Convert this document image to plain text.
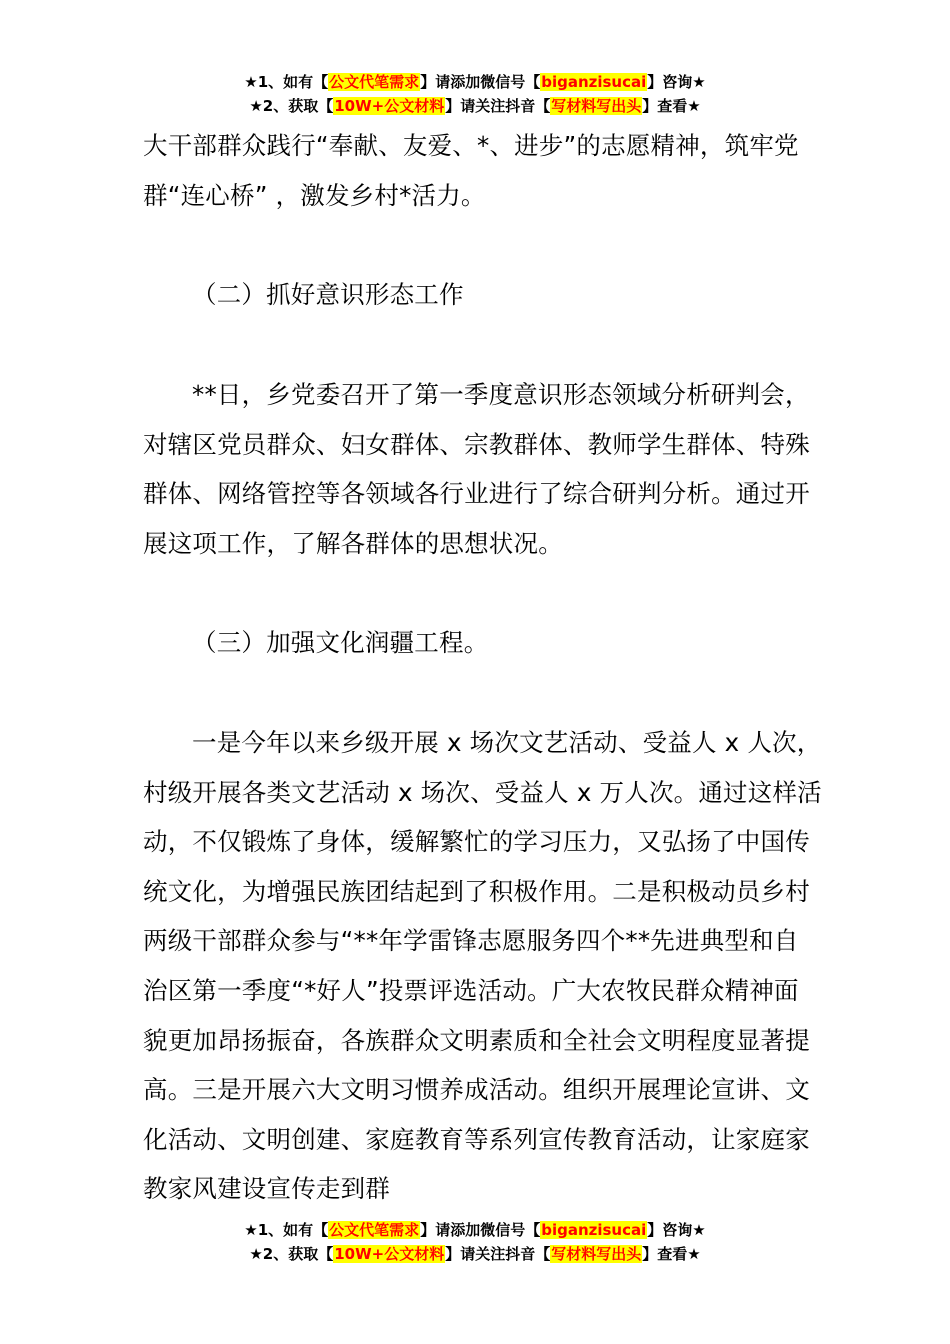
★1、如有【公文代笔需求】请添加微信号【biganzisucai】咨询★
★2、获取【10W+公文材料】请关注抖音【写材料写出头】查看★

大干部群众践行“奉献、友爱、*、进步”的志愿精神，筑牢党群“连心桥” ，激发乡村*活力。

（二）抓好意识形态工作

**日，乡党委召开了第一季度意识形态领域分析研判会，对辖区党员群众、妇女群体、宗教群体、教师学生群体、特殊群体、网络管控等各领域各行业进行了综合研判分析。通过开展这项工作，了解各群体的思想状况。

（三）加强文化润疆工程。

一是今年以来乡级开展 x 场次文艺活动、受益人 x 人次，村级开展各类文艺活动 x 场次、受益人 x 万人次。通过这样活动，不仅锻炼了身体，缓解繁忙的学习压力，又弘扬了中国传统文化，为增强民族团结起到了积极作用。二是积极动员乡村两级干部群众参与“**年学雷锋志愿服务四个**先进典型和自治区第一季度“*好人”投票评选活动。广大农牧民群众精神面貌更加昂扬振奋，各族群众文明素质和全社会文明程度显著提高。三是开展六大文明习惯养成活动。组织开展理论宣讲、文化活动、文明创建、家庭教育等系列宣传教育活动，让家庭家教家风建设宣传走到群

★1、如有【公文代笔需求】请添加微信号【biganzisucai】咨询★
★2、获取【10W+公文材料】请关注抖音【写材料写出头】查看★
